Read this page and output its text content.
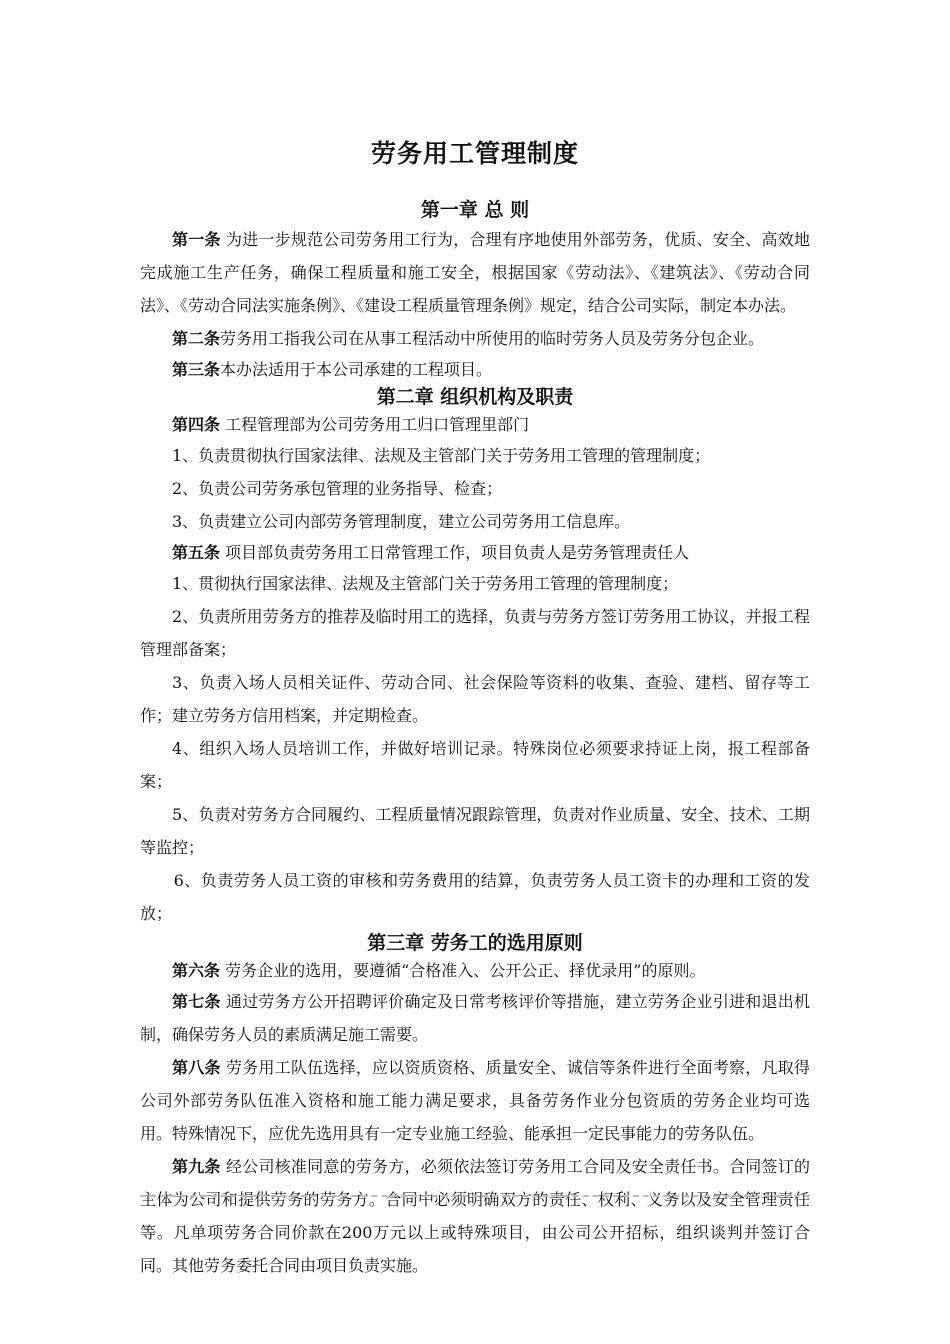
劳务用工管理制度
第一章 总 则

第一条 为进一步规范公司劳务用工行为，合理有序地使用外部劳务，优质、安全、高效地完成施工生产任务，确保工程质量和施工安全，根据国家《劳动法》、《建筑法》、《劳动合同法》、《劳动合同法实施条例》、《建设工程质量管理条例》规定，结合公司实际，制定本办法。

第二条劳务用工指我公司在从事工程活动中所使用的临时劳务人员及劳务分包企业。

第三条本办法适用于本公司承建的工程项目。

第二章 组织机构及职责

第四条 工程管理部为公司劳务用工归口管理里部门

1、负责贯彻执行国家法律、法规及主管部门关于劳务用工管理的管理制度；

2、负责公司劳务承包管理的业务指导、检查；

3、负责建立公司内部劳务管理制度，建立公司劳务用工信息库。

第五条 项目部负责劳务用工日常管理工作，项目负责人是劳务管理责任人

1、贯彻执行国家法律、法规及主管部门关于劳务用工管理的管理制度；

2、负责所用劳务方的推荐及临时用工的选择，负责与劳务方签订劳务用工协议，并报工程管理部备案；

3、负责入场人员相关证件、劳动合同、社会保险等资料的收集、查验、建档、留存等工作；建立劳务方信用档案，并定期检查。

4、组织入场人员培训工作，并做好培训记录。特殊岗位必须要求持证上岗，报工程部备案；

5、负责对劳务方合同履约、工程质量情况跟踪管理，负责对作业质量、安全、技术、工期等监控；

6、负责劳务人员工资的审核和劳务费用的结算，负责劳务人员工资卡的办理和工资的发放；

第三章 劳务工的选用原则

第六条 劳务企业的选用，要遵循“合格准入、公开公正、择优录用”的原则。

第七条 通过劳务方公开招聘评价确定及日常考核评价等措施，建立劳务企业引进和退出机制，确保劳务人员的素质满足施工需要。

第八条 劳务用工队伍选择，应以资质资格、质量安全、诚信等条件进行全面考察，凡取得公司外部劳务队伍准入资格和施工能力满足要求，具备劳务作业分包资质的劳务企业均可选用。特殊情况下，应优先选用具有一定专业施工经验、能承担一定民事能力的劳务队伍。

第九条 经公司核准同意的劳务方，必须依法签订劳务用工合同及安全责任书。合同签订的主体为公司和提供劳务的劳务方。合同中必须明确双方的责任、权利、义务以及安全管理责任等。凡单项劳务合同价款在200万元以上或特殊项目，由公司公开招标，组织谈判并签订合同。其他劳务委托合同由项目负责实施。
